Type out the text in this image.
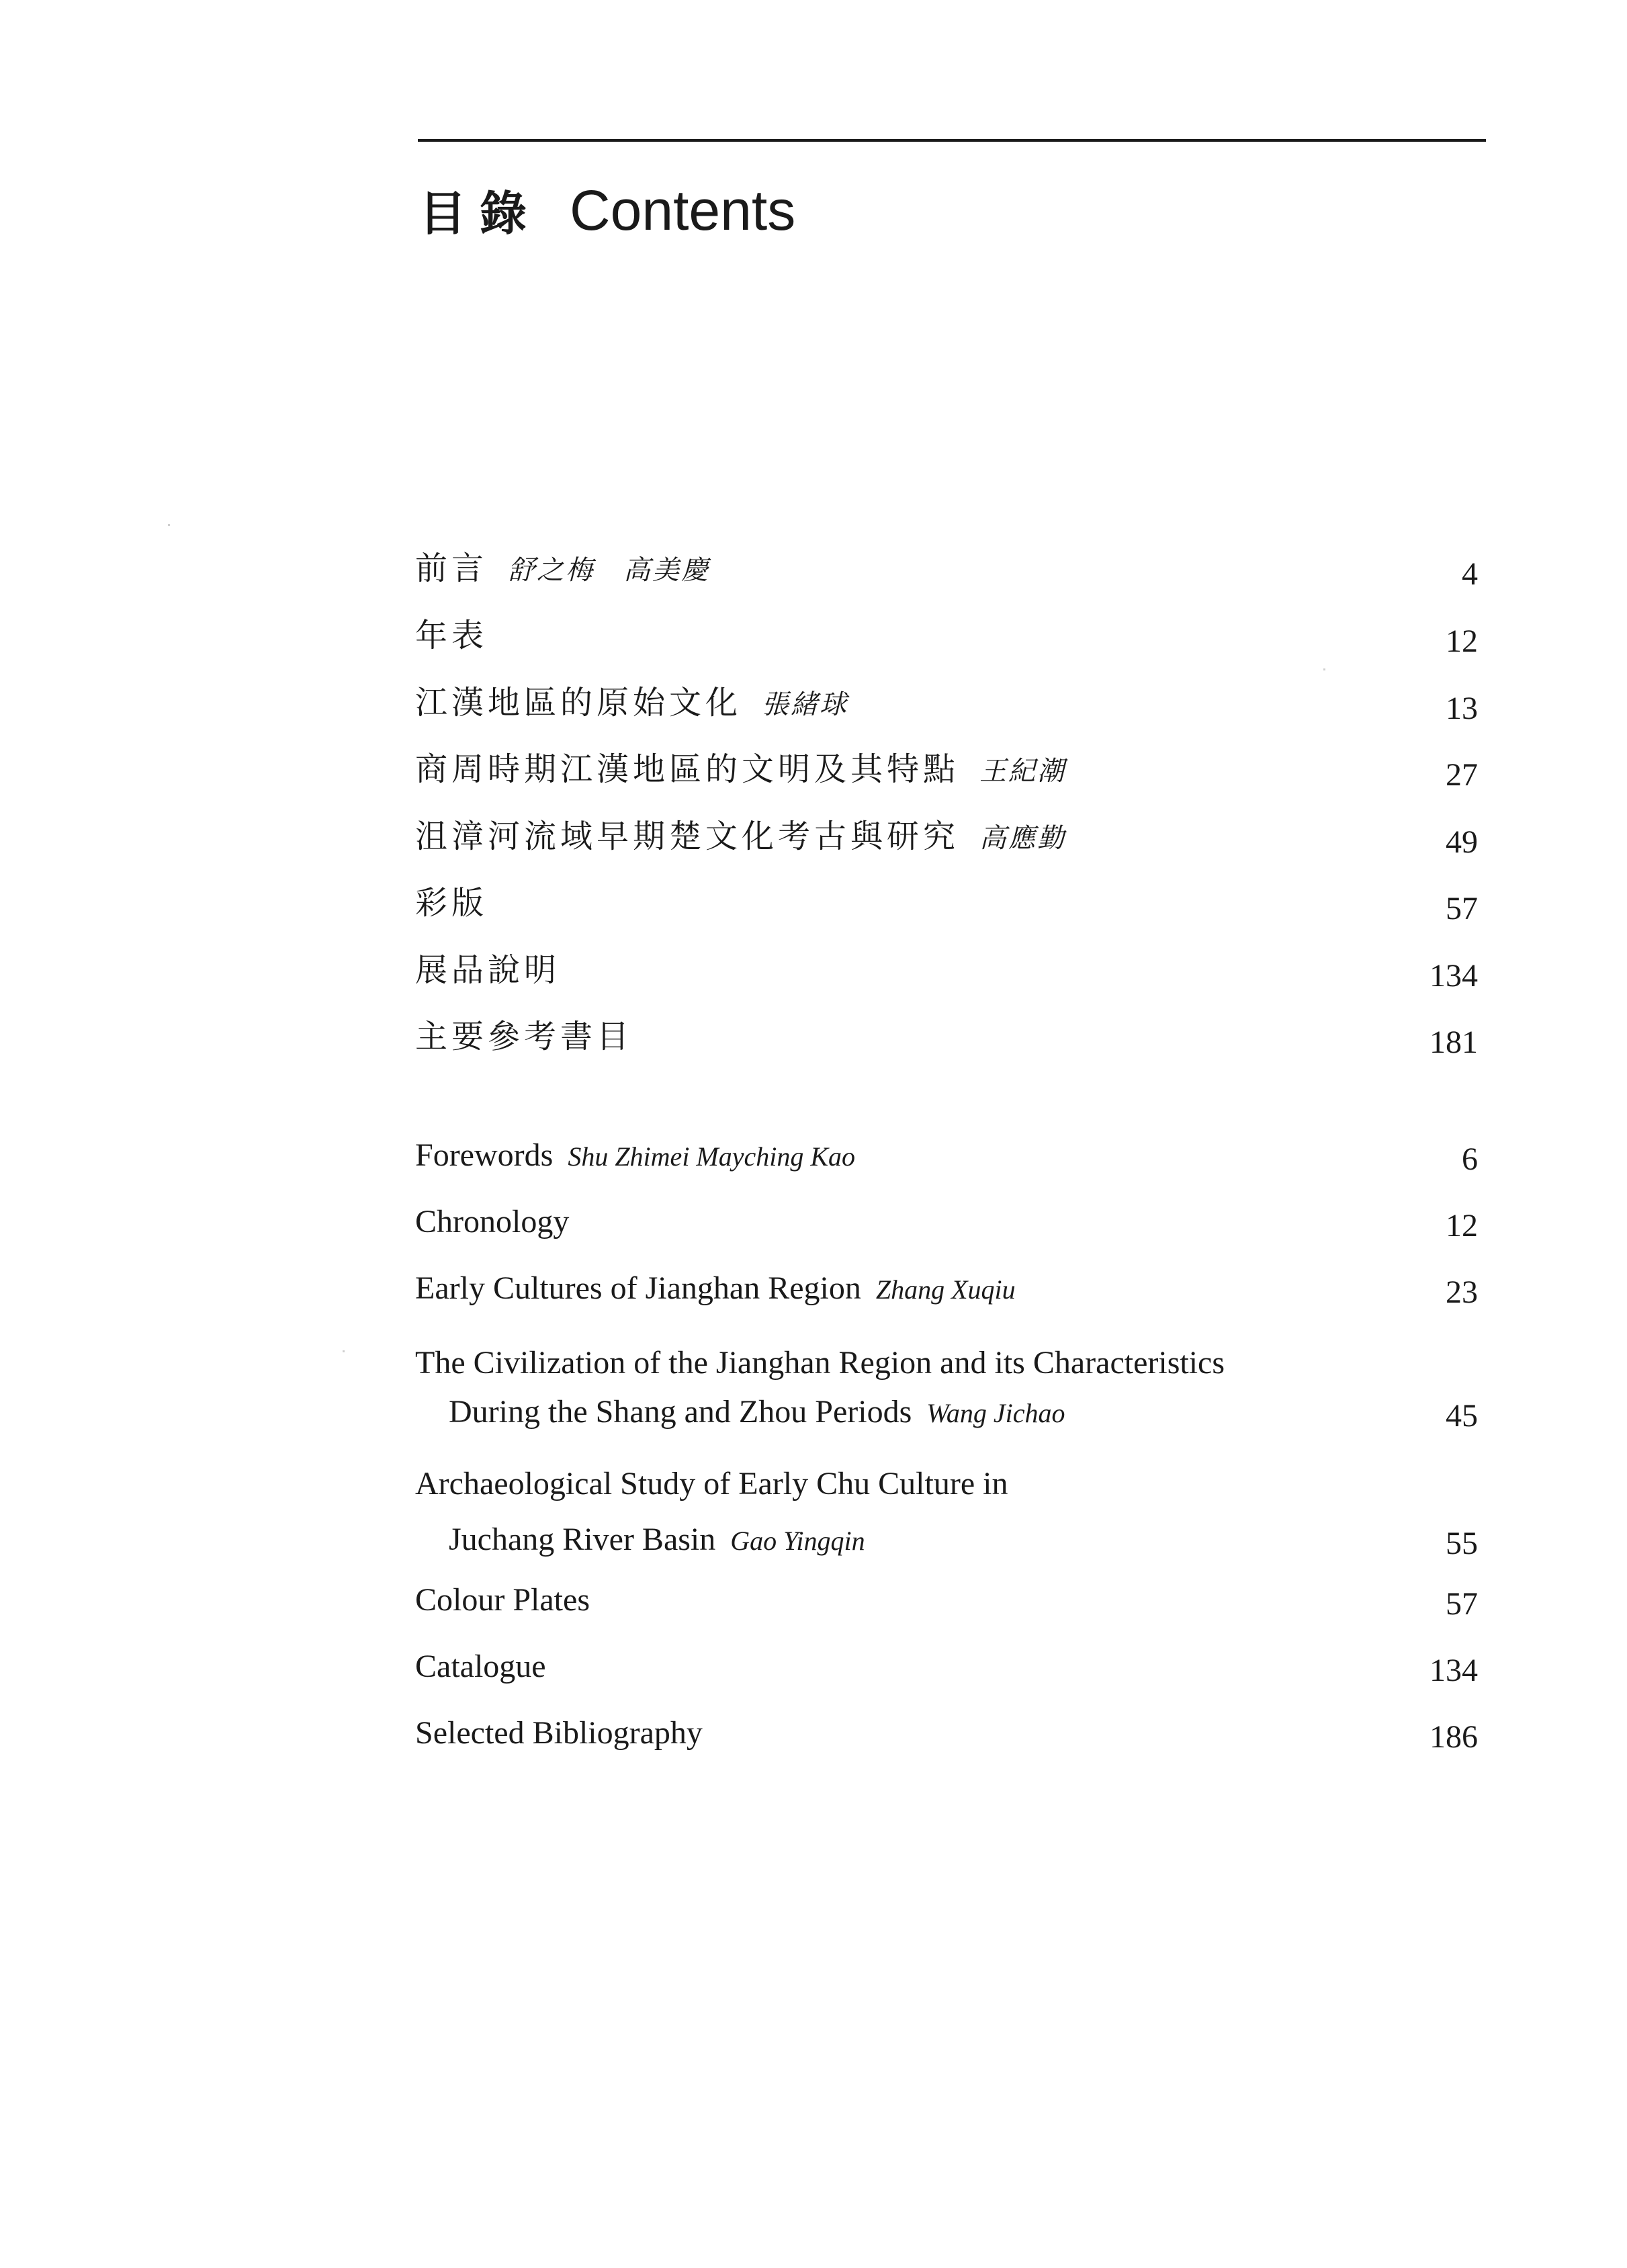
目錄 Contents
前言 舒之梅　高美慶	4
年表	12
江漢地區的原始文化 張緒球	13
商周時期江漢地區的文明及其特點 王紀潮	27
沮漳河流域早期楚文化考古與研究 高應勤	49
彩版	57
展品說明	134
主要參考書目	181
Forewords Shu Zhimei Mayching Kao	6
Chronology	12
Early Cultures of Jianghan Region Zhang Xuqiu	23
The Civilization of the Jianghan Region and its Characteristics
During the Shang and Zhou Periods Wang Jichao	45
Archaeological Study of Early Chu Culture in
Juchang River Basin Gao Yingqin	55
Colour Plates	57
Catalogue	134
Selected Bibliography	186
